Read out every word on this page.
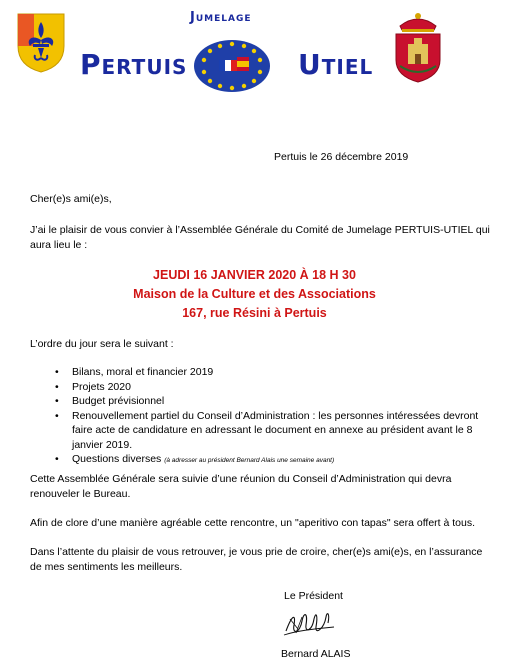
Jumelage
Pertuis	Utiel
Pertuis le 26 décembre 2019
Cher(e)s ami(e)s,
J’ai le plaisir de vous convier à l’Assemblée Générale du Comité de Jumelage PERTUIS-UTIEL qui aura lieu le :
JEUDI 16 JANVIER 2020 À 18 H 30
Maison de la Culture et des Associations
167, rue Résini à Pertuis
L’ordre du jour sera le suivant :
• Bilans, moral et financier 2019
• Projets 2020
• Budget prévisionnel
• Renouvellement partiel du Conseil d’Administration : les personnes intéressées devront faire acte de candidature en adressant le document en annexe au président avant le 8 janvier 2019.
• Questions diverses (à adresser au président Bernard Alais une semaine avant)
Cette Assemblée Générale sera suivie d’une réunion du Conseil d’Administration qui devra renouveler le Bureau.
Afin de clore d’une manière agréable cette rencontre, un "aperitivo con tapas" sera offert à tous.
Dans l’attente du plaisir de vous retrouver, je vous prie de croire, cher(e)s ami(e)s, en l’assurance de mes sentiments les meilleurs.
Le Président
Bernard ALAIS
